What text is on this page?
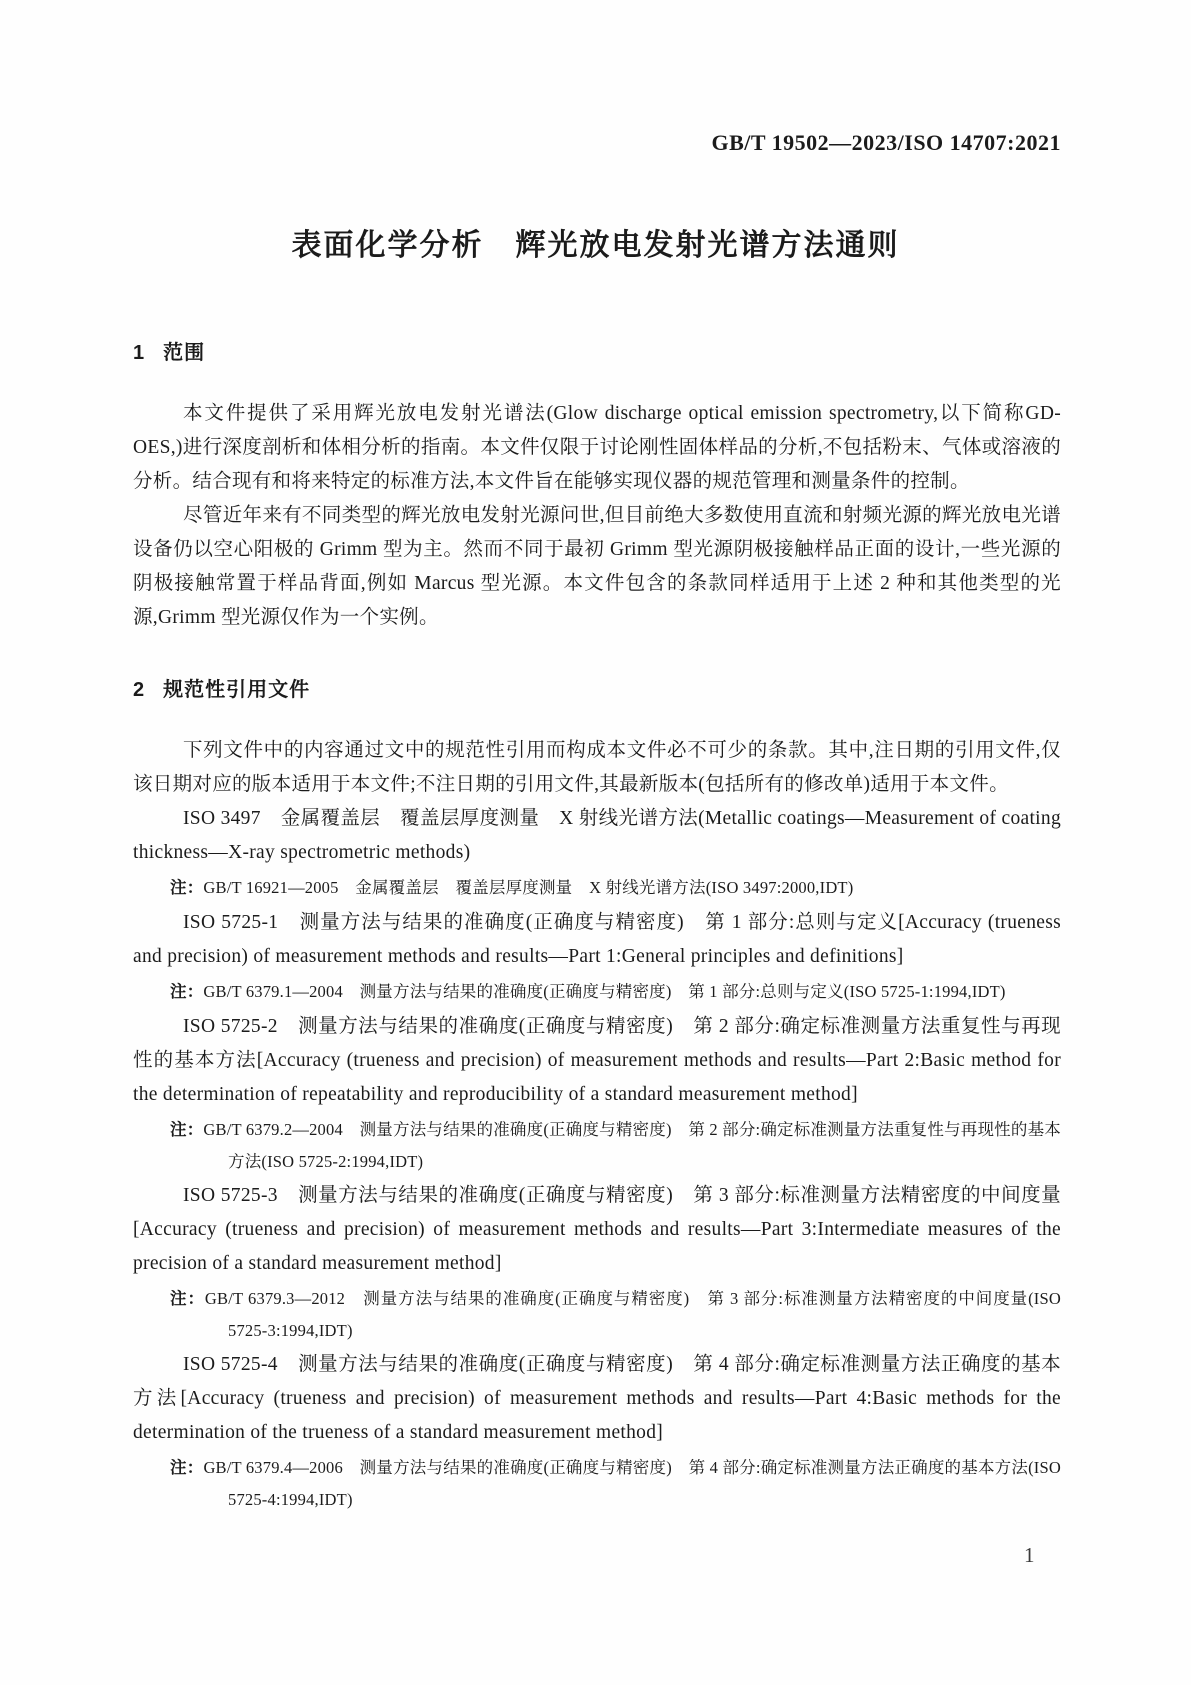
GB/T 19502—2023/ISO 14707:2021
表面化学分析　辉光放电发射光谱方法通则
1 范围

本文件提供了采用辉光放电发射光谱法(Glow discharge optical emission spectrometry,以下简称GD-OES,)进行深度剖析和体相分析的指南。本文件仅限于讨论刚性固体样品的分析,不包括粉末、气体或溶液的分析。结合现有和将来特定的标准方法,本文件旨在能够实现仪器的规范管理和测量条件的控制。

尽管近年来有不同类型的辉光放电发射光源问世,但目前绝大多数使用直流和射频光源的辉光放电光谱设备仍以空心阳极的 Grimm 型为主。然而不同于最初 Grimm 型光源阴极接触样品正面的设计,一些光源的阴极接触常置于样品背面,例如 Marcus 型光源。本文件包含的条款同样适用于上述 2 种和其他类型的光源,Grimm 型光源仅作为一个实例。

2 规范性引用文件

下列文件中的内容通过文中的规范性引用而构成本文件必不可少的条款。其中,注日期的引用文件,仅该日期对应的版本适用于本文件;不注日期的引用文件,其最新版本(包括所有的修改单)适用于本文件。

ISO 3497　金属覆盖层　覆盖层厚度测量　X 射线光谱方法(Metallic coatings—Measurement of coating thickness—X-ray spectrometric methods)

注：GB/T 16921—2005　金属覆盖层　覆盖层厚度测量　X 射线光谱方法(ISO 3497:2000,IDT)

ISO 5725-1　测量方法与结果的准确度(正确度与精密度)　第 1 部分:总则与定义[Accuracy (trueness and precision) of measurement methods and results—Part 1:General principles and definitions]

注：GB/T 6379.1—2004　测量方法与结果的准确度(正确度与精密度)　第 1 部分:总则与定义(ISO 5725-1:1994,IDT)

ISO 5725-2　测量方法与结果的准确度(正确度与精密度)　第 2 部分:确定标准测量方法重复性与再现性的基本方法[Accuracy (trueness and precision) of measurement methods and results—Part 2:Basic method for the determination of repeatability and reproducibility of a standard measurement method]

注：GB/T 6379.2—2004　测量方法与结果的准确度(正确度与精密度)　第 2 部分:确定标准测量方法重复性与再现性的基本方法(ISO 5725-2:1994,IDT)

ISO 5725-3　测量方法与结果的准确度(正确度与精密度)　第 3 部分:标准测量方法精密度的中间度量[Accuracy (trueness and precision) of measurement methods and results—Part 3:Intermediate measures of the precision of a standard measurement method]

注：GB/T 6379.3—2012　测量方法与结果的准确度(正确度与精密度)　第 3 部分:标准测量方法精密度的中间度量(ISO 5725-3:1994,IDT)

ISO 5725-4　测量方法与结果的准确度(正确度与精密度)　第 4 部分:确定标准测量方法正确度的基本方法[Accuracy (trueness and precision) of measurement methods and results—Part 4:Basic methods for the determination of the trueness of a standard measurement method]

注：GB/T 6379.4—2006　测量方法与结果的准确度(正确度与精密度)　第 4 部分:确定标准测量方法正确度的基本方法(ISO 5725-4:1994,IDT)

1
